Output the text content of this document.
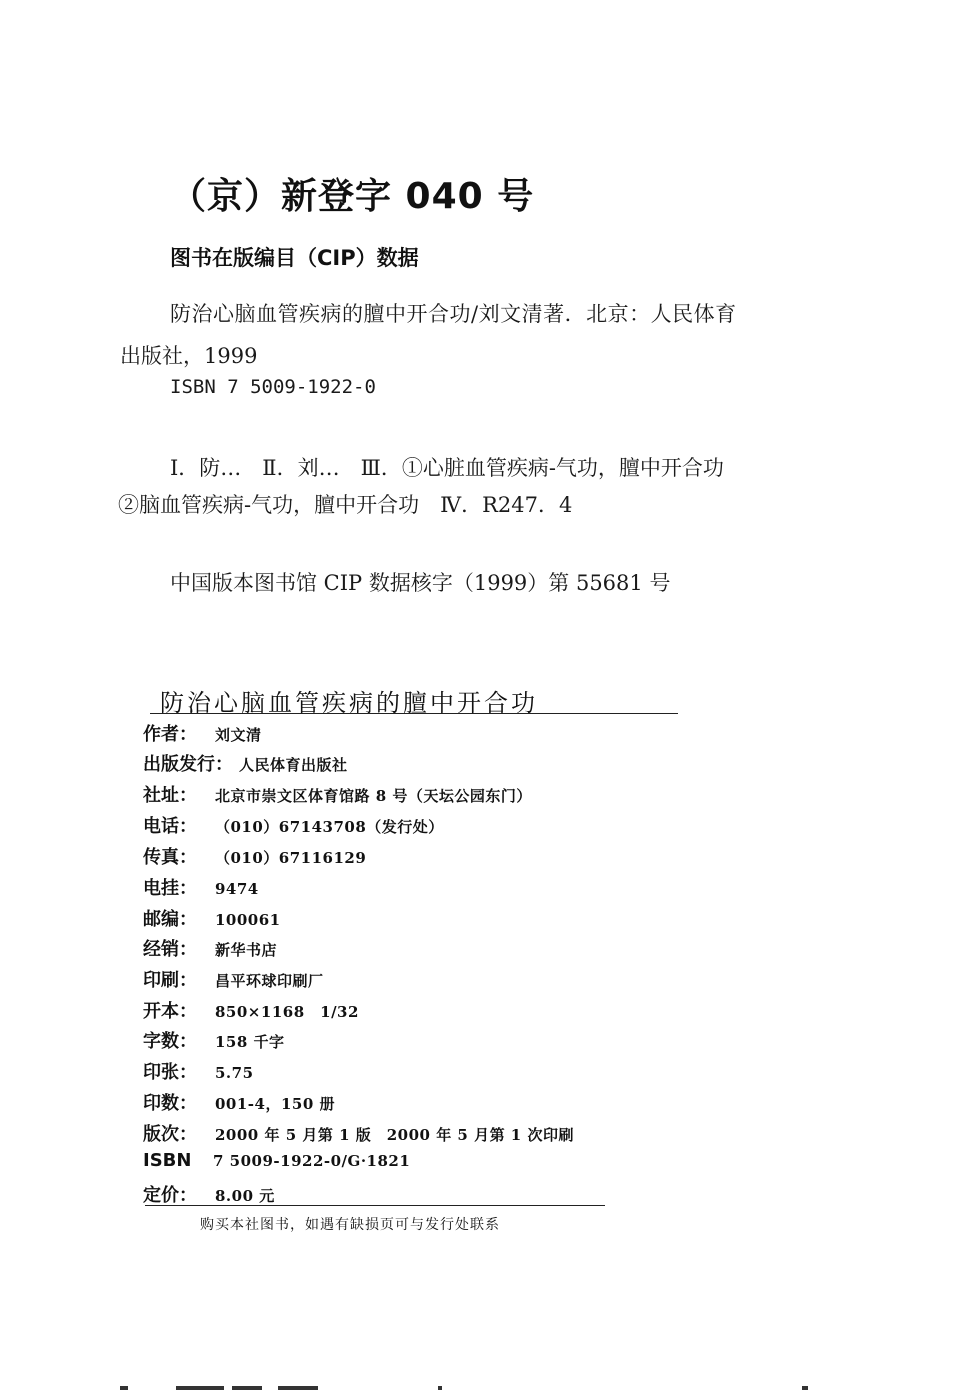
（京）新登字 040 号
图书在版编目（CIP）数据
防治心脑血管疾病的膻中开合功/刘文清著．北京：人民体育
出版社，1999
ISBN 7 5009-1922-0
Ⅰ．防…　Ⅱ．刘…　Ⅲ．①心脏血管疾病-气功，膻中开合功
②脑血管疾病-气功，膻中开合功　Ⅳ．R247．4
中国版本图书馆 CIP 数据核字（1999）第 55681 号
防治心脑血管疾病的膻中开合功
作者：	刘文清
出版发行： 人民体育出版社
社址：	北京市崇文区体育馆路 8 号（天坛公园东门）
电话：	（010）67143708（发行处）
传真：	（010）67116129
电挂：	9474
邮编：	100061
经销：	新华书店
印刷：	昌平环球印刷厂
开本：	850×1168　1/32
字数：	158 千字
印张：	5.75
印数：	001-4，150 册
版次：	2000 年 5 月第 1 版　2000 年 5 月第 1 次印刷
ISBN	7 5009-1922-0/G·1821
定价：	8.00 元
购买本社图书，如遇有缺损页可与发行处联系
